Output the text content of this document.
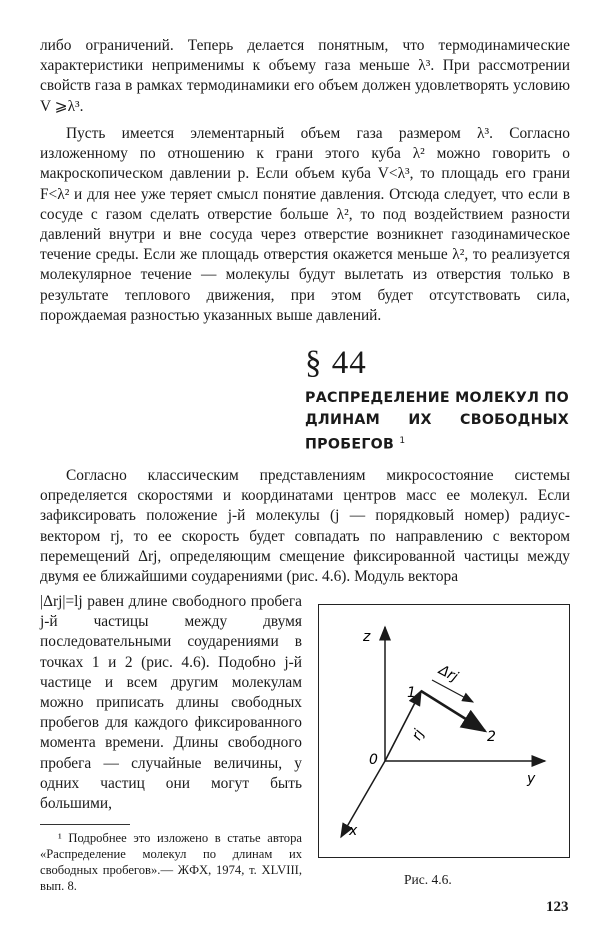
либо ограничений. Теперь делается понятным, что термодинамические характеристики неприменимы к объему газа меньше λ³. При рассмотрении свойств газа в рамках термодинамики его объем должен удовлетворять условию V ⩾λ³.

Пусть имеется элементарный объем газа размером λ³. Согласно изложенному по отношению к грани этого куба λ² можно говорить о макроскопическом давлении p. Если объем куба V<λ³, то площадь его грани F<λ² и для нее уже теряет смысл понятие давления. Отсюда следует, что если в сосуде с газом сделать отверстие больше λ², то под воздействием разности давлений внутри и вне сосуда через отверстие возникнет газодинамическое течение среды. Если же площадь отверстия окажется меньше λ², то реализуется молекулярное течение — молекулы будут вылетать из отверстия только в результате теплового движения, при этом будет отсутствовать сила, порождаемая разностью указанных выше давлений.

§ 44
РАСПРЕДЕЛЕНИЕ МОЛЕКУЛ ПО ДЛИНАМ ИХ СВОБОДНЫХ ПРОБЕГОВ $^1$

Согласно классическим представлениям микросостояние системы определяется скоростями и координатами центров масс ее молекул. Если зафиксировать положение j-й молекулы (j — порядковый номер) радиус-вектором rj, то ее скорость будет совпадать по направлению с вектором перемещений Δrj, определяющим смещение фиксированной частицы между двумя ее ближайшими соударениями (рис. 4.6). Модуль вектора

|Δrj|=lj равен длине свободного пробега j-й частицы между двумя последовательными соударениями в точках 1 и 2 (рис. 4.6). Подобно j-й частице и всем другим молекулам можно приписать длины свободных пробегов для каждого фиксированного момента времени. Длины свободного пробега — случайные величины, у одних частиц они могут быть большими,

z
y
x
0
1
2
rj
Δrj
Рис. 4.6.

¹ Подробнее это изложено в статье автора «Распределение молекул по длинам их свободных пробегов».— ЖФХ, 1974, т. XLVIII, вып. 8.

123
